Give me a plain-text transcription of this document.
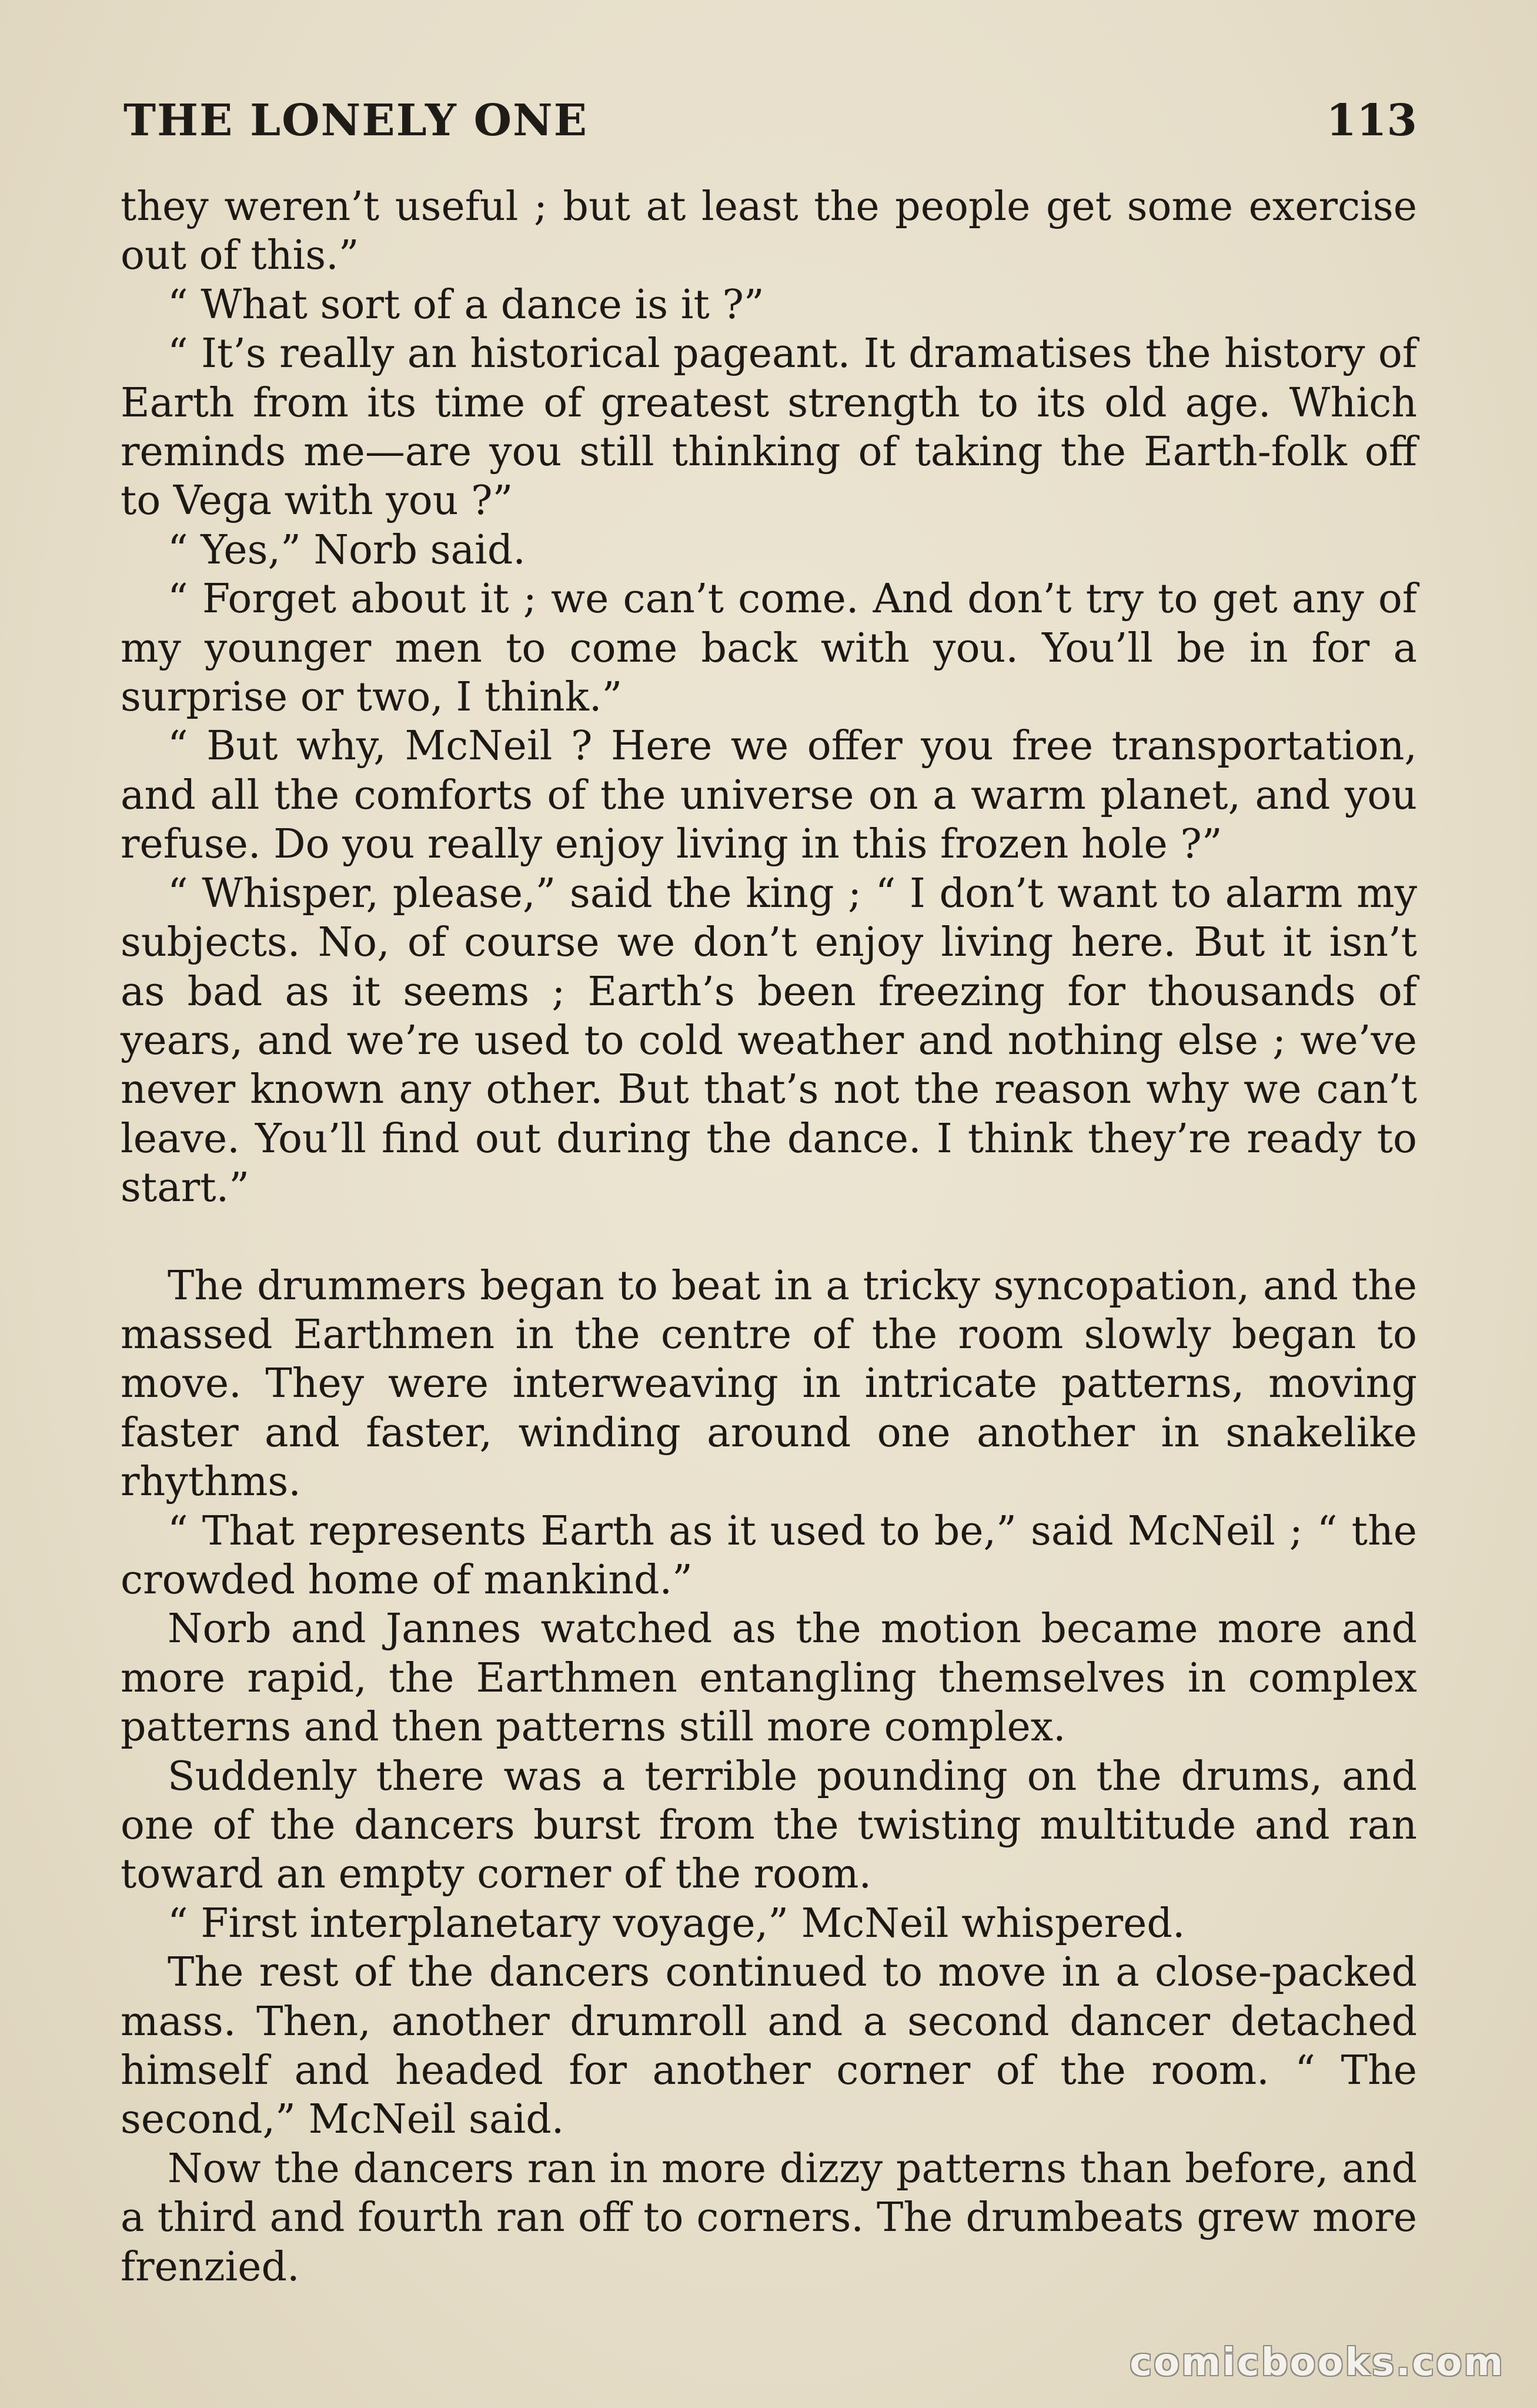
THE LONELY ONE	113

they weren’t useful ; but at least the people get some exercise out of this.”

“ What sort of a dance is it ?”

“ It’s really an historical pageant. It dramatises the history of Earth from its time of greatest strength to its old age. Which reminds me—are you still thinking of taking the Earth-folk off to Vega with you ?”

“ Yes,” Norb said.

“ Forget about it ; we can’t come. And don’t try to get any of my younger men to come back with you. You’ll be in for a surprise or two, I think.”

“ But why, McNeil ? Here we offer you free transportation, and all the comforts of the universe on a warm planet, and you refuse. Do you really enjoy living in this frozen hole ?”

“ Whisper, please,” said the king ; “ I don’t want to alarm my subjects. No, of course we don’t enjoy living here. But it isn’t as bad as it seems ; Earth’s been freezing for thousands of years, and we’re used to cold weather and nothing else ; we’ve never known any other. But that’s not the reason why we can’t leave. You’ll find out during the dance. I think they’re ready to start.”

The drummers began to beat in a tricky syncopation, and the massed Earthmen in the centre of the room slowly began to move. They were interweaving in intricate patterns, moving faster and faster, winding around one another in snakelike rhythms.

“ That represents Earth as it used to be,” said McNeil ; “ the crowded home of mankind.”

Norb and Jannes watched as the motion became more and more rapid, the Earthmen entangling themselves in complex patterns and then patterns still more complex.

Suddenly there was a terrible pounding on the drums, and one of the dancers burst from the twisting multitude and ran toward an empty corner of the room.

“ First interplanetary voyage,” McNeil whispered.

The rest of the dancers continued to move in a close-packed mass. Then, another drumroll and a second dancer detached himself and headed for another corner of the room. “ The second,” McNeil said.

Now the dancers ran in more dizzy patterns than before, and a third and fourth ran off to corners. The drumbeats grew more frenzied.

comicbooks.com
